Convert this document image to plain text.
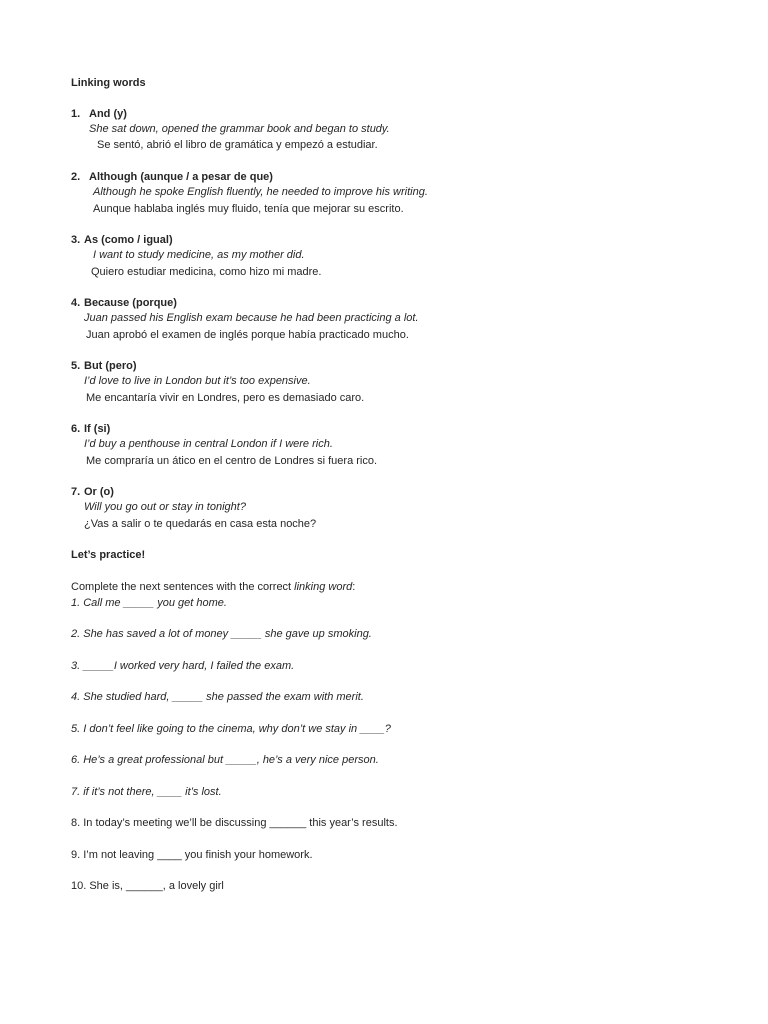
Linking words
1. And (y)
She sat down, opened the grammar book and began to study.
Se sentó, abrió el libro de gramática y empezó a estudiar.
2. Although (aunque / a pesar de que)
Although he spoke English fluently, he needed to improve his writing.
Aunque hablaba inglés muy fluido, tenía que mejorar su escrito.
3. As (como / igual)
I want to study medicine, as my mother did.
Quiero estudiar medicina, como hizo mi madre.
4. Because (porque)
Juan passed his English exam because he had been practicing a lot.
Juan aprobó el examen de inglés porque había practicado mucho.
5. But (pero)
I’d love to live in London but it’s too expensive.
Me encantaría vivir en Londres, pero es demasiado caro.
6. If (si)
I’d buy a penthouse in central London if I were rich.
Me compraría un ático en el centro de Londres si fuera rico.
7. Or (o)
Will you go out or stay in tonight?
¿Vas a salir o te quedarás en casa esta noche?
Let’s practice!
Complete the next sentences with the correct linking word:
1. Call me _____ you get home.
2. She has saved a lot of money _____ she gave up smoking.
3. _____I worked very hard, I failed the exam.
4. She studied hard, _____ she passed the exam with merit.
5. I don’t feel like going to the cinema, why don’t we stay in ____?
6. He’s a great professional but _____, he’s a very nice person.
7. if it’s not there, ____ it’s lost.
8. In today’s meeting we’ll be discussing ______ this year’s results.
9. I’m not leaving ____ you finish your homework.
10. She is, ______, a lovely girl
